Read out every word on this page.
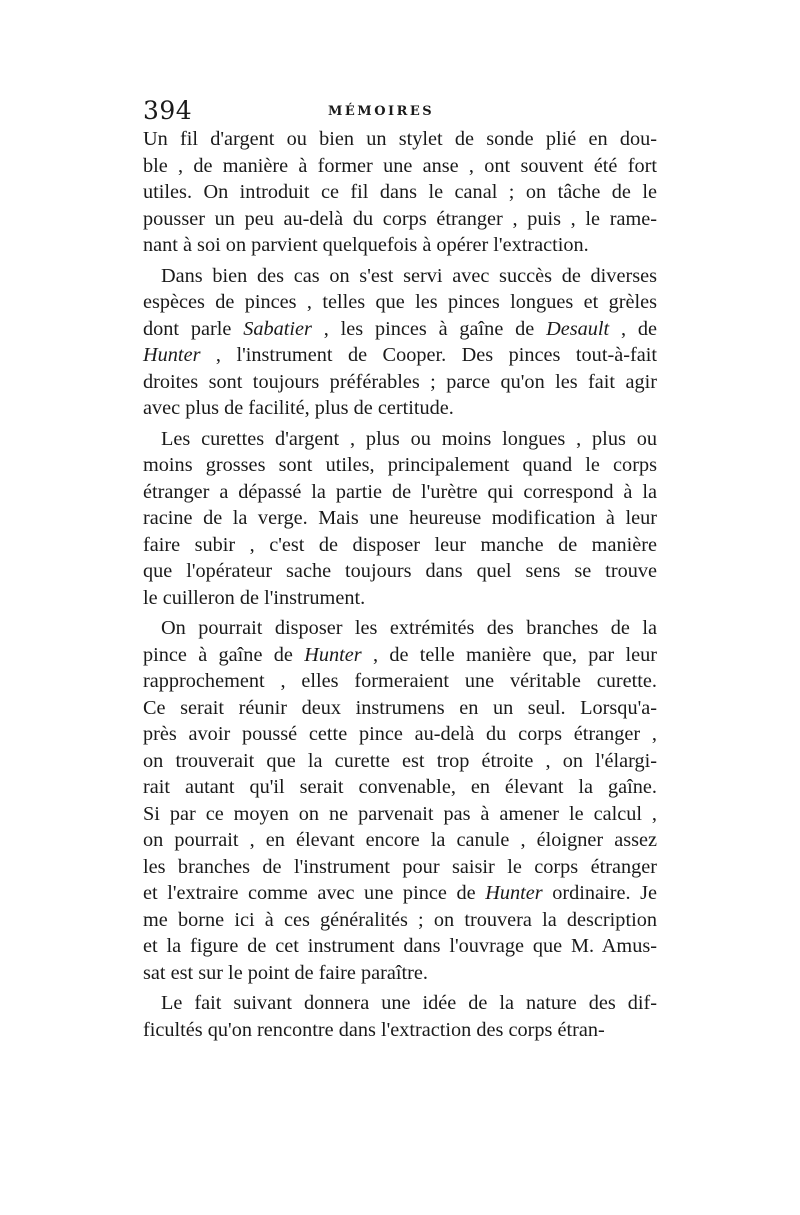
394	MÉMOIRES
Un fil d'argent ou bien un stylet de sonde plié en dou-
ble , de manière à former une anse , ont souvent été fort
utiles. On introduit ce fil dans le canal ; on tâche de le
pousser un peu au-delà du corps étranger , puis , le rame-
nant à soi on parvient quelquefois à opérer l'extraction.
Dans bien des cas on s'est servi avec succès de diverses
espèces de pinces , telles que les pinces longues et grèles
dont parle Sabatier , les pinces à gaîne de Desault , de
Hunter , l'instrument de Cooper. Des pinces tout-à-fait
droites sont toujours préférables ; parce qu'on les fait agir
avec plus de facilité, plus de certitude.
Les curettes d'argent , plus ou moins longues , plus ou
moins grosses sont utiles, principalement quand le corps
étranger a dépassé la partie de l'urètre qui correspond à la
racine de la verge. Mais une heureuse modification à leur
faire subir , c'est de disposer leur manche de manière
que l'opérateur sache toujours dans quel sens se trouve
le cuilleron de l'instrument.
On pourrait disposer les extrémités des branches de la
pince à gaîne de Hunter , de telle manière que, par leur
rapprochement , elles formeraient une véritable curette.
Ce serait réunir deux instrumens en un seul. Lorsqu'a-
près avoir poussé cette pince au-delà du corps étranger ,
on trouverait que la curette est trop étroite , on l'élargi-
rait autant qu'il serait convenable, en élevant la gaîne.
Si par ce moyen on ne parvenait pas à amener le calcul ,
on pourrait , en élevant encore la canule , éloigner assez
les branches de l'instrument pour saisir le corps étranger
et l'extraire comme avec une pince de Hunter ordinaire. Je
me borne ici à ces généralités ; on trouvera la description
et la figure de cet instrument dans l'ouvrage que M. Amus-
sat est sur le point de faire paraître.
Le fait suivant donnera une idée de la nature des dif-
ficultés qu'on rencontre dans l'extraction des corps étran-
